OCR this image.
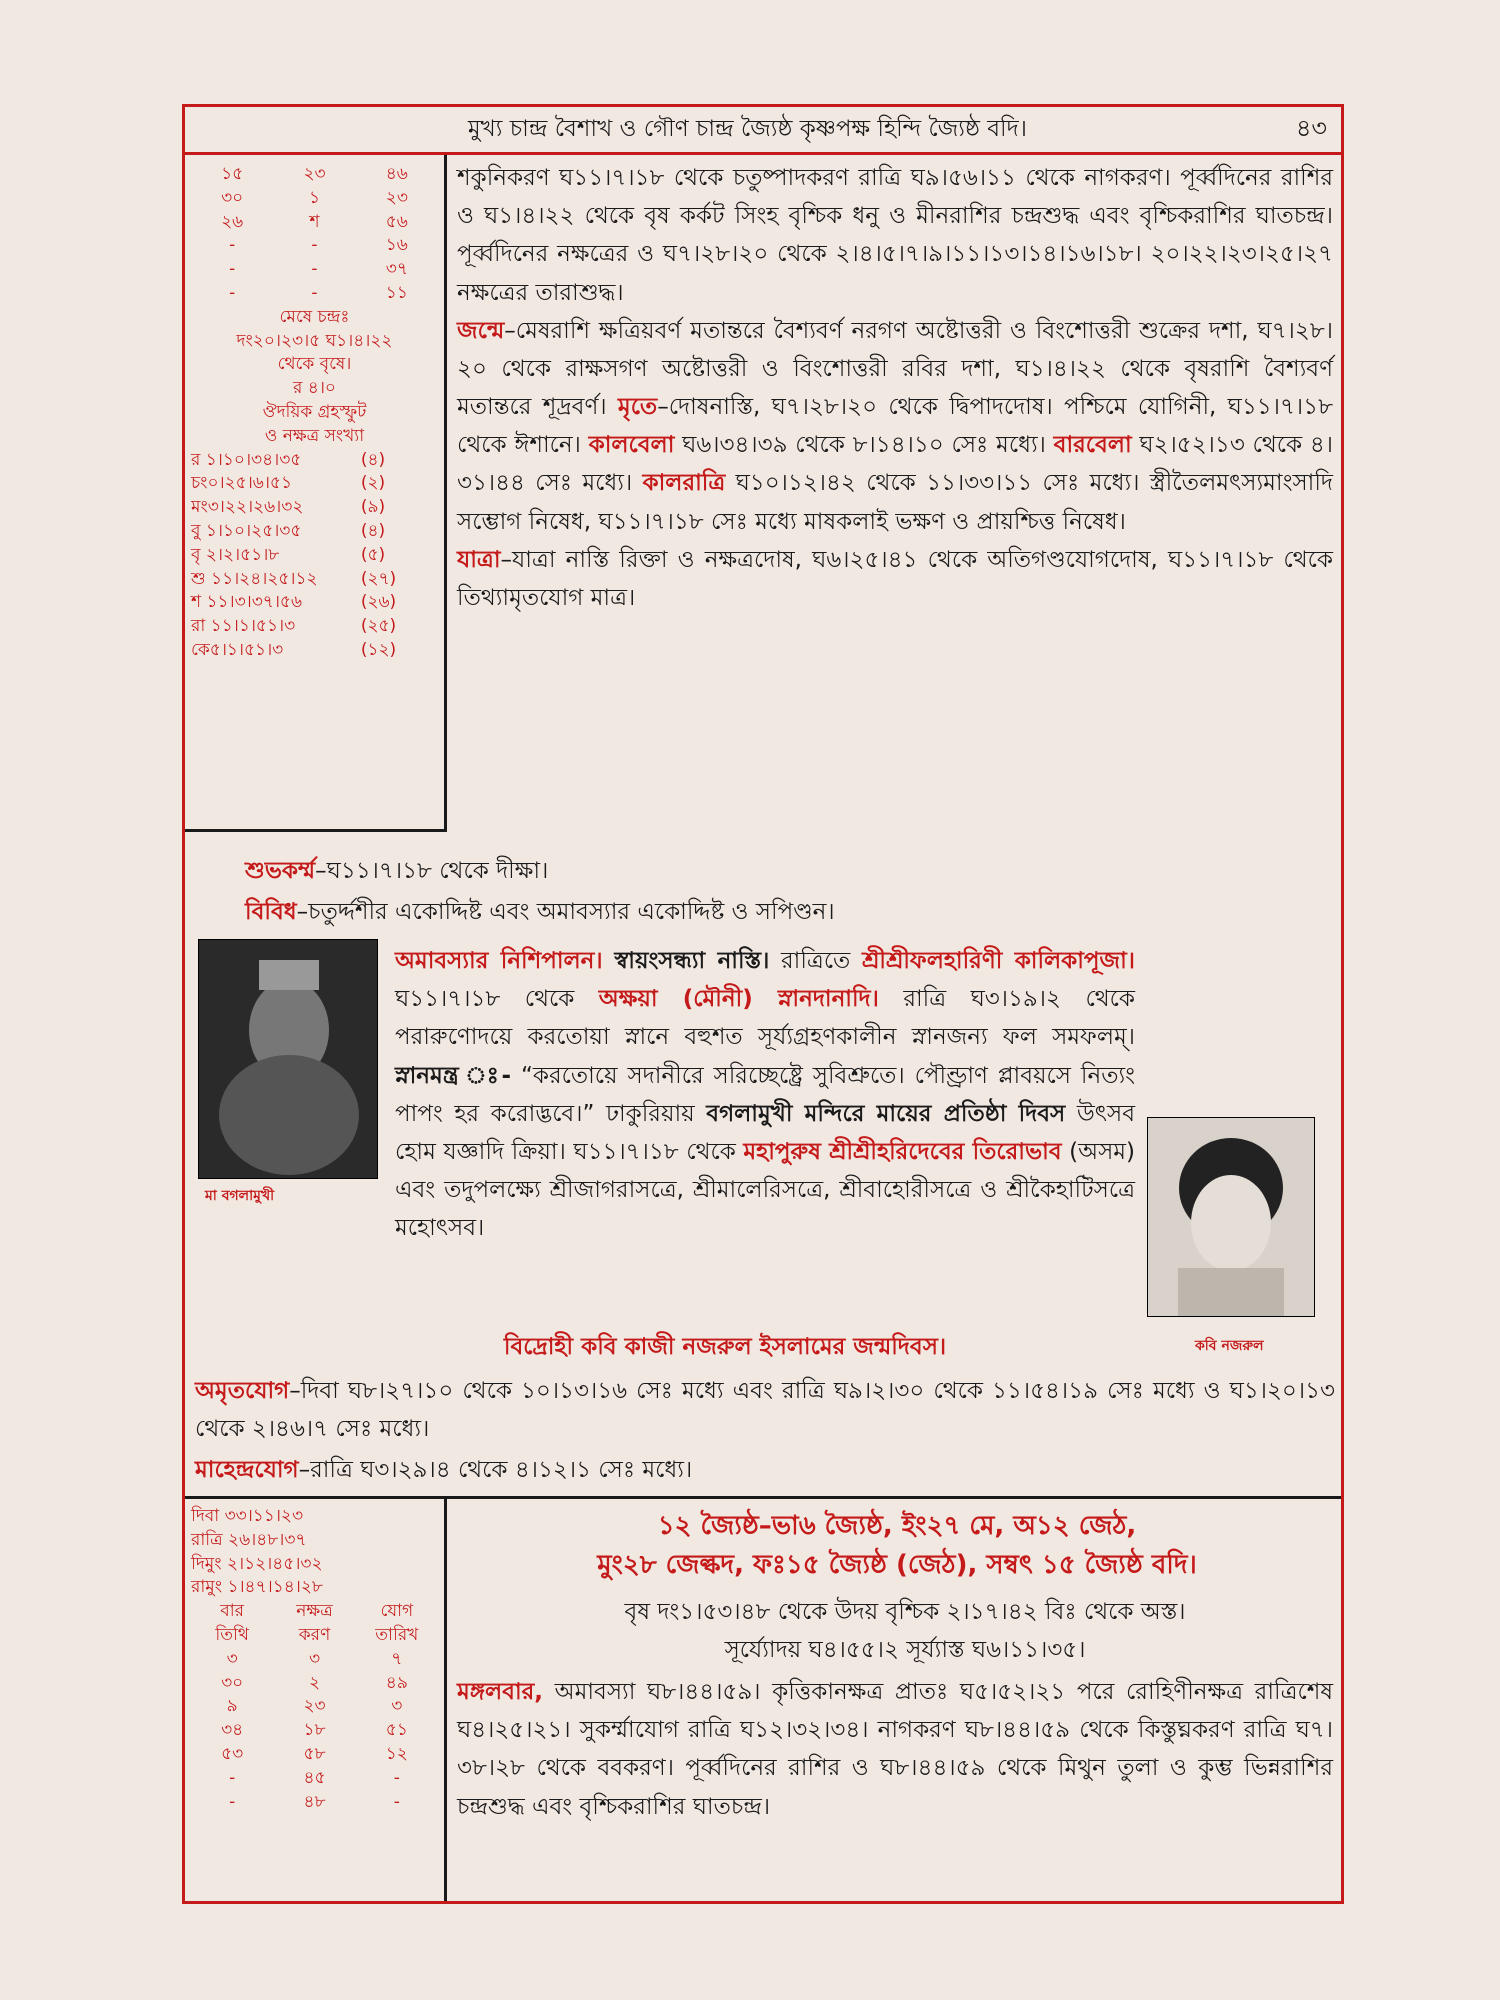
মুখ্য চান্দ্র বৈশাখ ও গৌণ চান্দ্র জ্যৈষ্ঠ কৃষ্ণপক্ষ হিন্দি জ্যৈষ্ঠ বদি।	৪৩
১৫	২৩	৪৬
৩০	১	২৩
২৬	শ	৫৬
-	-	১৬
-	-	৩৭
-	-	১১
মেষে চন্দ্রঃ
দং২০।২৩।৫ ঘ১।৪।২২
থেকে বৃষে।
র ৪।০
ঔদয়িক গ্রহস্ফুট
ও নক্ষত্র সংখ্যা
র ১।১০।৩৪।৩৫	(৪)
চং০।২৫।৬।৫১	(২)
মং৩।২২।২৬।৩২	(৯)
বু ১।১০।২৫।৩৫	(৪)
বৃ ২।২।৫১।৮	(৫)
শু ১১।২৪।২৫।১২	(২৭)
শ ১১।৩।৩৭।৫৬	(২৬)
রা ১১।১।৫১।৩	(২৫)
কে৫।১।৫১।৩	(১২)
শকুনিকরণ ঘ১১।৭।১৮ থেকে চতুষ্পাদকরণ রাত্রি ঘ৯।৫৬।১১ থেকে নাগকরণ। পূর্ব্বদিনের রাশির ও ঘ১।৪।২২ থেকে বৃষ কর্কট সিংহ বৃশ্চিক ধনু ও মীনরাশির চন্দ্রশুদ্ধ এবং বৃশ্চিকরাশির ঘাতচন্দ্র। পূর্ব্বদিনের নক্ষত্রের ও ঘ৭।২৮।২০ থেকে ২।৪।৫।৭।৯।১১।১৩।১৪।১৬।১৮। ২০।২২।২৩।২৫।২৭ নক্ষত্রের তারাশুদ্ধ।
জন্মে–মেষরাশি ক্ষত্রিয়বর্ণ মতান্তরে বৈশ্যবর্ণ নরগণ অষ্টোত্তরী ও বিংশোত্তরী শুক্রের দশা, ঘ৭।২৮।২০ থেকে রাক্ষসগণ অষ্টোত্তরী ও বিংশোত্তরী রবির দশা, ঘ১।৪।২২ থেকে বৃষরাশি বৈশ্যবর্ণ মতান্তরে শূদ্রবর্ণ। মৃতে–দোষনাস্তি, ঘ৭।২৮।২০ থেকে দ্বিপাদদোষ। পশ্চিমে যোগিনী, ঘ১১।৭।১৮ থেকে ঈশানে। কালবেলা ঘ৬।৩৪।৩৯ থেকে ৮।১৪।১০ সেঃ মধ্যে। বারবেলা ঘ২।৫২।১৩ থেকে ৪।৩১।৪৪ সেঃ মধ্যে। কালরাত্রি ঘ১০।১২।৪২ থেকে ১১।৩৩।১১ সেঃ মধ্যে। স্ত্রীতৈলমৎস্যমাংসাদি সম্ভোগ নিষেধ, ঘ১১।৭।১৮ সেঃ মধ্যে মাষকলাই ভক্ষণ ও প্রায়শ্চিত্ত নিষেধ।
যাত্রা–যাত্রা নাস্তি রিক্তা ও নক্ষত্রদোষ, ঘ৬।২৫।৪১ থেকে অতিগণ্ডযোগদোষ, ঘ১১।৭।১৮ থেকে তিথ্যামৃতযোগ মাত্র।
শুভকর্ম্ম–ঘ১১।৭।১৮ থেকে দীক্ষা।
বিবিধ–চতুর্দ্দশীর একোদ্দিষ্ট এবং অমাবস্যার একোদ্দিষ্ট ও সপিণ্ডন।
মা বগলামুখী
কবি নজরুল
অমাবস্যার নিশিপালন। স্বায়ংসন্ধ্যা নাস্তি। রাত্রিতে শ্রীশ্রীফলহারিণী কালিকাপূজা। ঘ১১।৭।১৮ থেকে অক্ষয়া (মৌনী) স্নানদানাদি। রাত্রি ঘ৩।১৯।২ থেকে পরারুণোদয়ে করতোয়া স্নানে বহুশত সূর্য্যগ্রহণকালীন স্নানজন্য ফল সমফলম্। স্নানমন্ত্র ঃ- “করতোয়ে সদানীরে সরিচ্ছেষ্ট্রে সুবিশ্রুতে। পৌণ্ড্রাণ প্লাবয়সে নিত্যং পাপং হর করোদ্ভবে।” ঢাকুরিয়ায় বগলামুখী মন্দিরে মায়ের প্রতিষ্ঠা দিবস উৎসব হোম যজ্ঞাদি ক্রিয়া। ঘ১১।৭।১৮ থেকে মহাপুরুষ শ্রীশ্রীহরিদেবের তিরোভাব (অসম) এবং তদুপলক্ষ্যে শ্রীজাগরাসত্রে, শ্রীমালেরিসত্রে, শ্রীবাহোরীসত্রে ও শ্রীকৈহাটিসত্রে মহোৎসব।
বিদ্রোহী কবি কাজী নজরুল ইসলামের জন্মদিবস।
অমৃতযোগ–দিবা ঘ৮।২৭।১০ থেকে ১০।১৩।১৬ সেঃ মধ্যে এবং রাত্রি ঘ৯।২।৩০ থেকে ১১।৫৪।১৯ সেঃ মধ্যে ও ঘ১।২০।১৩ থেকে ২।৪৬।৭ সেঃ মধ্যে।
মাহেন্দ্রযোগ–রাত্রি ঘ৩।২৯।৪ থেকে ৪।১২।১ সেঃ মধ্যে।
দিবা ৩৩।১১।২৩
রাত্রি ২৬।৪৮।৩৭
দিমুং ২।১২।৪৫।৩২
রামুং ১।৪৭।১৪।২৮
বার	নক্ষত্র	যোগ
তিথি	করণ	তারিখ
৩	৩	৭
৩০	২	৪৯
৯	২৩	৩
৩৪	১৮	৫১
৫৩	৫৮	১২
-	৪৫	-
-	৪৮	-
১২ জ্যৈষ্ঠ–ভা৬ জ্যৈষ্ঠ, ইং২৭ মে, অ১২ জেঠ,
মুং২৮ জেল্কদ, ফঃ১৫ জ্যৈষ্ঠ (জেঠ), সম্বৎ ১৫ জ্যৈষ্ঠ বদি।
বৃষ দং১।৫৩।৪৮ থেকে উদয় বৃশ্চিক ২।১৭।৪২ বিঃ থেকে অস্ত।
সূর্য্যোদয় ঘ৪।৫৫।২ সূর্য্যাস্ত ঘ৬।১১।৩৫।
মঙ্গলবার, অমাবস্যা ঘ৮।৪৪।৫৯। কৃত্তিকানক্ষত্র প্রাতঃ ঘ৫।৫২।২১ পরে রোহিণীনক্ষত্র রাত্রিশেষ ঘ৪।২৫।২১। সুকর্ম্মাযোগ রাত্রি ঘ১২।৩২।৩৪। নাগকরণ ঘ৮।৪৪।৫৯ থেকে কিস্তুঘ্নকরণ রাত্রি ঘ৭।৩৮।২৮ থেকে ববকরণ। পূর্ব্বদিনের রাশির ও ঘ৮।৪৪।৫৯ থেকে মিথুন তুলা ও কুম্ভ ভিন্নরাশির চন্দ্রশুদ্ধ এবং বৃশ্চিকরাশির ঘাতচন্দ্র।
